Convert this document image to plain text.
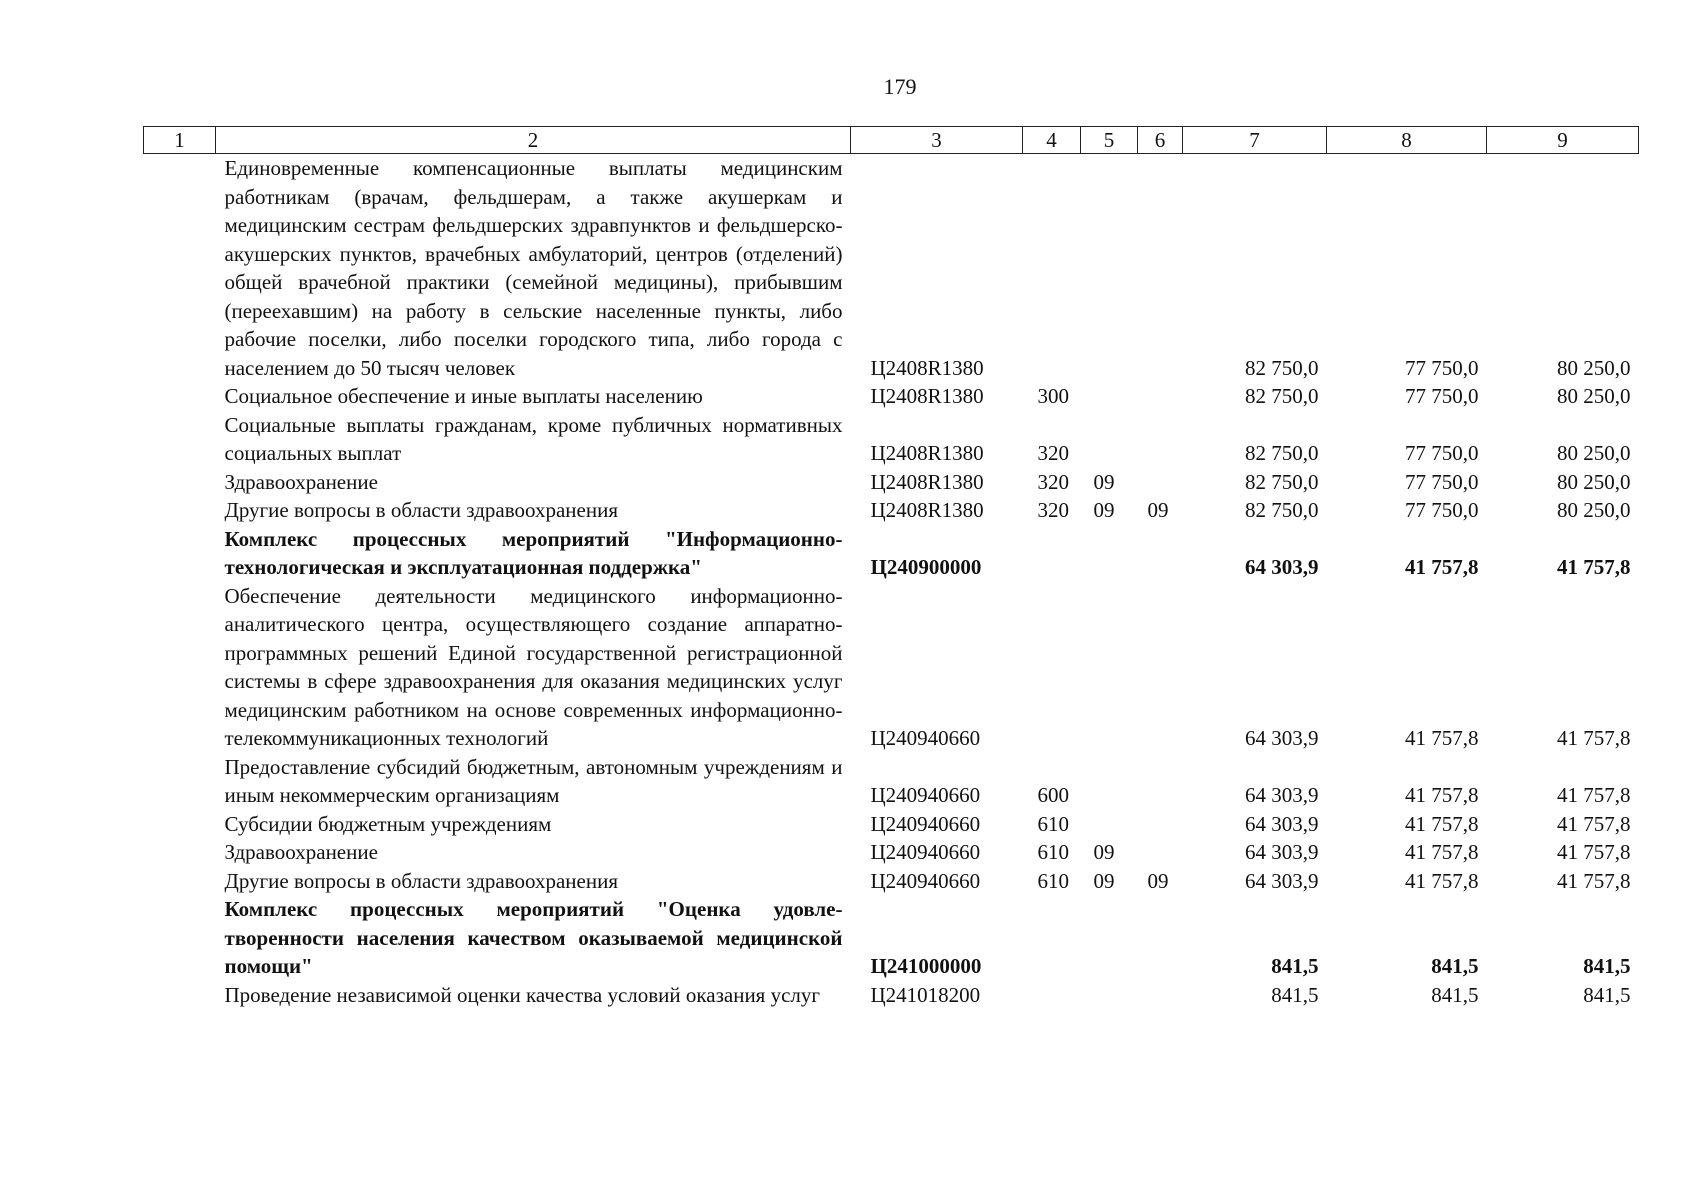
179
1	2	3	4	5	6	7	8	9
	Единовременные компенсационные выплаты медицинским работникам (врачам, фельдшерам, а также акушеркам и медицинским сестрам фельдшерских здравпунктов и фельдшерско-акушерских пунктов, врачебных амбулаторий, центров (отделений) общей врачебной практики (семейной медицины), прибывшим (переехавшим) на работу в сельские населенные пункты, либо рабочие поселки, либо поселки городского типа, либо города с населением до 50 тысяч человек	Ц2408R1380				82 750,0	77 750,0	80 250,0
	Социальное обеспечение и иные выплаты населению	Ц2408R1380	300			82 750,0	77 750,0	80 250,0
	Социальные выплаты гражданам, кроме публичных нормативных социальных выплат	Ц2408R1380	320			82 750,0	77 750,0	80 250,0
	Здравоохранение	Ц2408R1380	320	09		82 750,0	77 750,0	80 250,0
	Другие вопросы в области здравоохранения	Ц2408R1380	320	09	09	82 750,0	77 750,0	80 250,0
	Комплекс процессных мероприятий "Информационно-технологическая и эксплуатационная поддержка"	Ц240900000				64 303,9	41 757,8	41 757,8
	Обеспечение деятельности медицинского информационно-аналитического центра, осуществляющего создание аппаратно-программных решений Единой государственной регистрационной системы в сфере здравоохранения для оказания медицинских услуг медицинским работником на основе современных информационно-телекоммуникационных технологий	Ц240940660				64 303,9	41 757,8	41 757,8
	Предоставление субсидий бюджетным, автономным учреждениям и иным некоммерческим организациям	Ц240940660	600			64 303,9	41 757,8	41 757,8
	Субсидии бюджетным учреждениям	Ц240940660	610			64 303,9	41 757,8	41 757,8
	Здравоохранение	Ц240940660	610	09		64 303,9	41 757,8	41 757,8
	Другие вопросы в области здравоохранения	Ц240940660	610	09	09	64 303,9	41 757,8	41 757,8
	Комплекс процессных мероприятий "Оценка удовлетворенности населения качеством оказываемой медицинской помощи"	Ц241000000				841,5	841,5	841,5
	Проведение независимой оценки качества условий оказания услуг	Ц241018200				841,5	841,5	841,5
